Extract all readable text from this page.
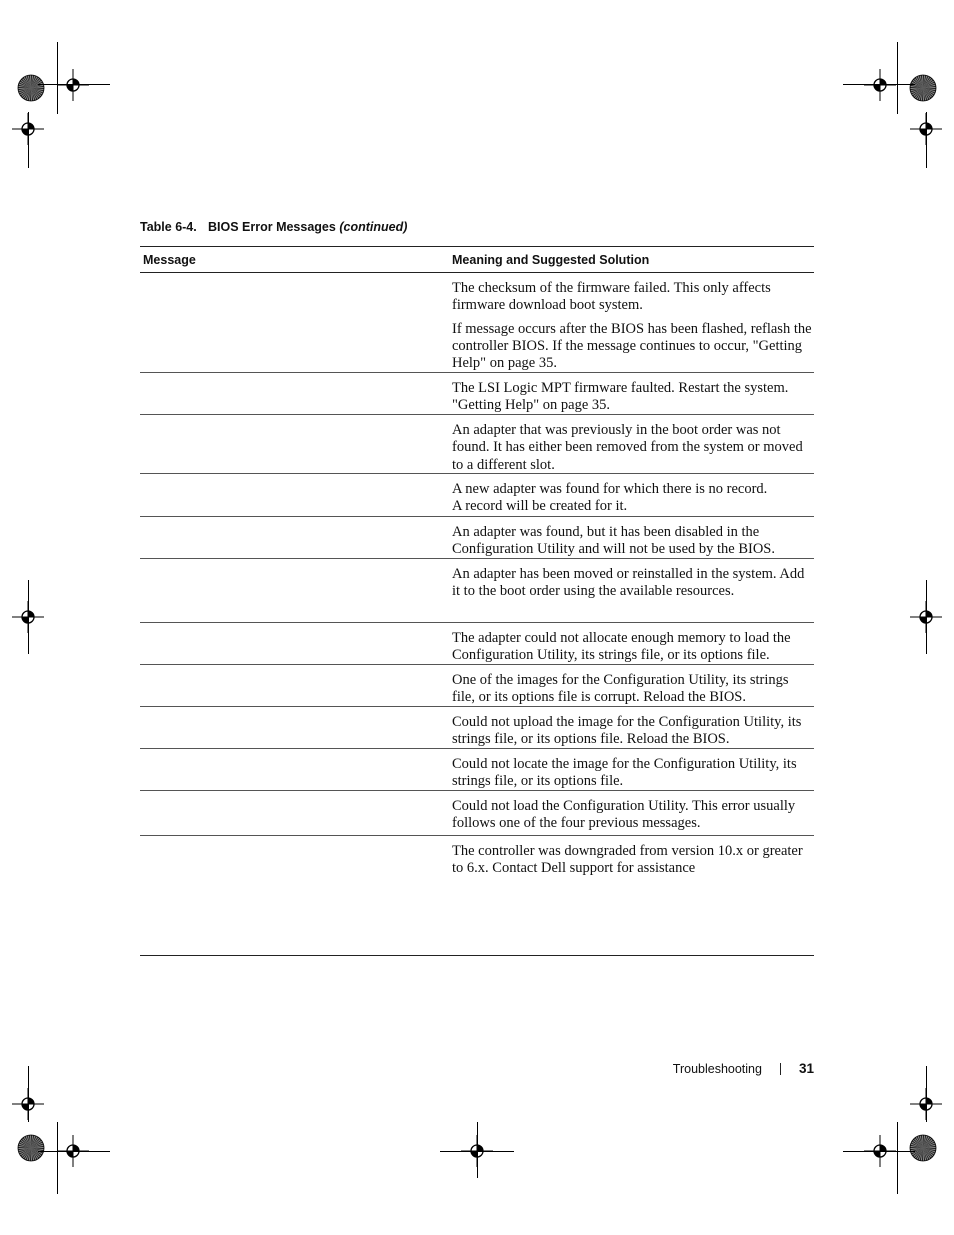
Table 6-4. BIOS Error Messages (continued)
Message	Meaning and Suggested Solution

The checksum of the firmware failed. This only affects firmware download boot system.

If message occurs after the BIOS has been flashed, reflash the controller BIOS. If the message continues to occur, "Getting Help" on page 35.

The LSI Logic MPT firmware faulted. Restart the system. "Getting Help" on page 35.

An adapter that was previously in the boot order was not found. It has either been removed from the system or moved to a different slot.

A new adapter was found for which there is no record.
A record will be created for it.

An adapter was found, but it has been disabled in the Configuration Utility and will not be used by the BIOS.

An adapter has been moved or reinstalled in the system. Add it to the boot order using the available resources.

The adapter could not allocate enough memory to load the Configuration Utility, its strings file, or its options file.

One of the images for the Configuration Utility, its strings file, or its options file is corrupt. Reload the BIOS.

Could not upload the image for the Configuration Utility, its strings file, or its options file. Reload the BIOS.

Could not locate the image for the Configuration Utility, its strings file, or its options file.

Could not load the Configuration Utility. This error usually follows one of the four previous messages.

The controller was downgraded from version 10.x or greater to 6.x. Contact Dell support for assistance

Troubleshooting	31
